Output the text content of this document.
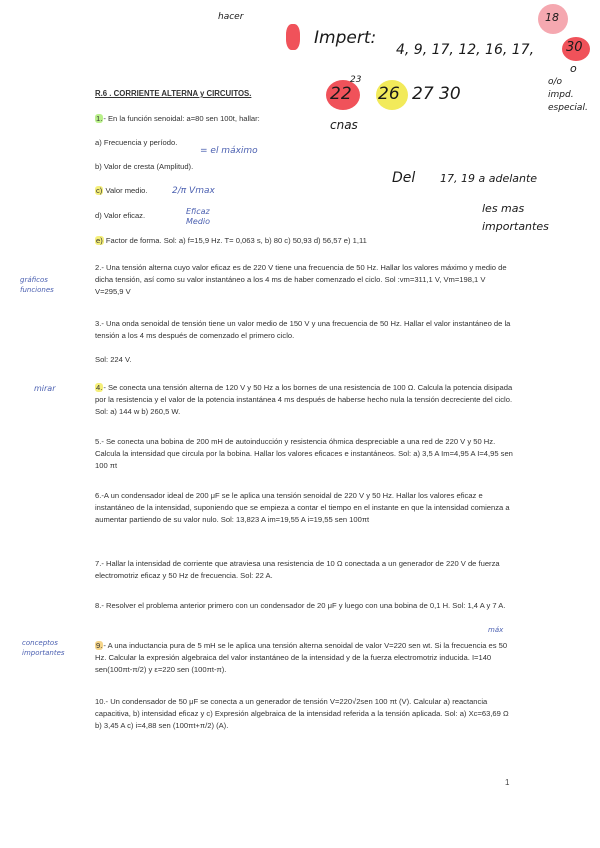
hacer
Impert:
18
4, 9, 17, 12, 16, 17, 30
o
o/o
impd.
especial.
23
22 26 27 30
cnas
Del 17, 19 a adelante
les mas
importantes

R.6 . CORRIENTE ALTERNA y CIRCUITOS.

1.- En la función senoidal: a=80 sen 100t, hallar:

a) Frecuencia y período.

= el máximo

b) Valor de cresta (Amplitud).

c) Valor medio.	2/π Vmax

d) Valor eficaz.	Eficaz
Medio

e) Factor de forma. Sol: a) f=15,9 Hz. T= 0,063 s, b) 80 c) 50,93 d) 56,57 e) 1,11

gráficos
funciones

2.- Una tensión alterna cuyo valor eficaz es de 220 V tiene una frecuencia de 50 Hz. Hallar los valores máximo y medio de dicha tensión, así como su valor instantáneo a los 4 ms de haber comenzado el ciclo. Sol :vm=311,1 V, Vm=198,1 V V=295,9 V

3.- Una onda senoidal de tensión tiene un valor medio de 150 V y una frecuencia de 50 Hz. Hallar el valor instantáneo de la tensión a los 4 ms después de comenzado el primero ciclo.

Sol: 224 V.

mirar	4.- Se conecta una tensión alterna de 120 V y 50 Hz a los bornes de una resistencia de 100 Ω. Calcula la potencia disipada por la resistencia y el valor de la potencia instantánea 4 ms después de haberse hecho nula la tensión decreciente del ciclo. Sol: a) 144 w b) 260,5 W.

5.- Se conecta una bobina de 200 mH de autoinducción y resistencia óhmica despreciable a una red de 220 V y 50 Hz. Calcula la intensidad que circula por la bobina. Hallar los valores eficaces e instantáneos. Sol: a) 3,5 A Im=4,95 A I=4,95 sen 100 πt

6.-A un condensador ideal de 200 μF se le aplica una tensión senoidal de 220 V y 50 Hz. Hallar los valores eficaz e instantáneo de la intensidad, suponiendo que se empieza a contar el tiempo en el instante en que la intensidad comienza a aumentar partiendo de su valor nulo. Sol: 13,823 A im=19,55 A i=19,55 sen 100πt

7.- Hallar la intensidad de corriente que atraviesa una resistencia de 10 Ω conectada a un generador de 220 V de fuerza electromotriz eficaz y 50 Hz de frecuencia. Sol: 22 A.

8.- Resolver el problema anterior primero con un condensador de 20 μF y luego con una bobina de 0,1 H. Sol: 1,4 A y 7 A.

conceptos
importantes
máx

9.- A una inductancia pura de 5 mH se le aplica una tensión alterna senoidal de valor V=220 sen wt. Si la frecuencia es 50 Hz. Calcular la expresión algebraica del valor instantáneo de la intensidad y de la fuerza electromotriz inducida. I=140 sen(100πt-π/2) y ε=220 sen (100πt-π).

10.- Un condensador de 50 μF se conecta a un generador de tensión V=220√2sen 100 πt (V). Calcular a) reactancia capacitiva, b) intensidad eficaz y c) Expresión algebraica de la intensidad referida a la tensión aplicada. Sol: a) Xc=63,69 Ω b) 3,45 A c) i=4,88 sen (100πt+π/2) (A).

1
